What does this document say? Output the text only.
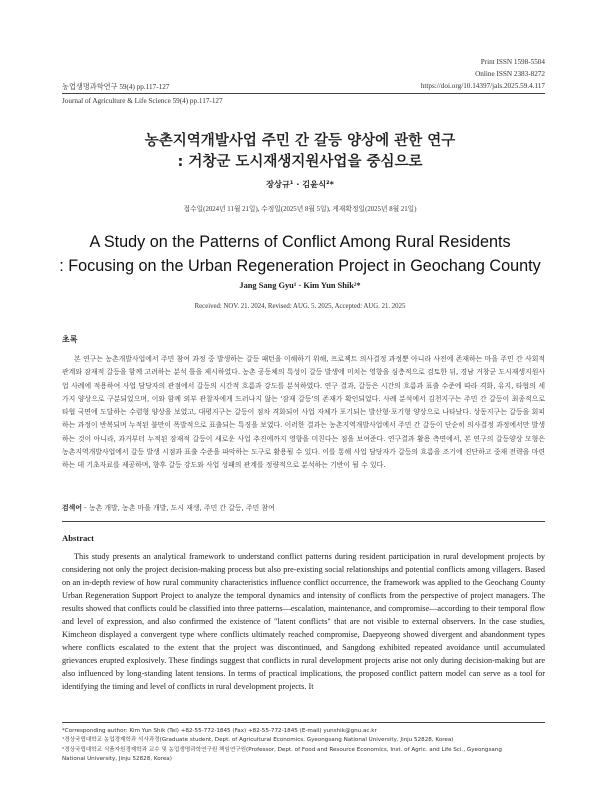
Print ISSN 1598-5504
Online ISSN 2383-8272
농업생명과학연구 59(4) pp.117-127	https://doi.org/10.14397/jals.2025.59.4.117
Journal of Agriculture & Life Science 59(4) pp.117-127
농촌지역개발사업 주민 간 갈등 양상에 관한 연구
: 거창군 도시재생지원사업을 중심으로
장상규¹ · 김윤식²*
접수일(2024년 11월 21일), 수정일(2025년 8월 5일), 게재확정일(2025년 8월 21일)
A Study on the Patterns of Conflict Among Rural Residents
: Focusing on the Urban Regeneration Project in Geochang County
Jang Sang Gyu¹ · Kim Yun Shik²*
Received: NOV. 21. 2024, Revised: AUG. 5. 2025, Accepted: AUG. 21. 2025
초록
본 연구는 농촌개발사업에서 주민 참여 과정 중 발생하는 갈등 패턴을 이해하기 위해, 프로젝트 의사결정 과정뿐 아니라 사전에 존재하는 마을 주민 간 사회적 관계와 잠재적 갈등을 함께 고려하는 분석 틀을 제시하였다. 농촌 공동체의 특성이 갈등 발생에 미치는 영향을 심층적으로 검토한 뒤, 경남 거창군 도시재생지원사업 사례에 적용하여 사업 담당자의 관점에서 갈등의 시간적 흐름과 강도를 분석하였다. 연구 결과, 갈등은 시간의 흐름과 표출 수준에 따라 격화, 유지, 타협의 세 가지 양상으로 구분되었으며, 이와 함께 외부 관찰자에게 드러나지 않는 '잠재 갈등'의 존재가 확인되었다. 사례 분석에서 김천지구는 주민 간 갈등이 최종적으로 타협 국면에 도달하는 수렴형 양상을 보였고, 대평지구는 갈등이 점차 격화되어 사업 자체가 포기되는 발산형·포기형 양상으로 나타났다. 상동지구는 갈등을 회피하는 과정이 반복되며 누적된 불만이 폭발적으로 표출되는 특징을 보였다. 이러한 결과는 농촌지역개발사업에서 주민 간 갈등이 단순히 의사결정 과정에서만 발생하는 것이 아니라, 과거부터 누적된 잠재적 갈등이 새로운 사업 추진에까지 영향을 미친다는 점을 보여준다. 연구결과 활용 측면에서, 본 연구의 갈등양상 모형은 농촌지역개발사업에서 갈등 발생 시점과 표출 수준을 파악하는 도구로 활용될 수 있다. 이를 통해 사업 담당자가 갈등의 흐름을 조기에 진단하고 중재 전략을 마련하는 데 기초자료를 제공하며, 향후 갈등 강도와 사업 성패의 관계를 정량적으로 분석하는 기반이 될 수 있다.
검색어 - 농촌 개발, 농촌 마을 개발, 도시 재생, 주민 간 갈등, 주민 참여
Abstract
This study presents an analytical framework to understand conflict patterns during resident participation in rural development projects by considering not only the project decision-making process but also pre-existing social relationships and potential conflicts among villagers. Based on an in-depth review of how rural community characteristics influence conflict occurrence, the framework was applied to the Geochang County Urban Regeneration Support Project to analyze the temporal dynamics and intensity of conflicts from the perspective of project managers. The results showed that conflicts could be classified into three patterns—escalation, maintenance, and compromise—according to their temporal flow and level of expression, and also confirmed the existence of "latent conflicts" that are not visible to external observers. In the case studies, Kimcheon displayed a convergent type where conflicts ultimately reached compromise, Daepyeong showed divergent and abandonment types where conflicts escalated to the extent that the project was discontinued, and Sangdong exhibited repeated avoidance until accumulated grievances erupted explosively. These findings suggest that conflicts in rural development projects arise not only during decision-making but are also influenced by long-standing latent tensions. In terms of practical implications, the proposed conflict pattern model can serve as a tool for identifying the timing and level of conflicts in rural development projects. It
*Corresponding author: Kim Yun Shik (Tel) +82-55-772-1845 (Fax) +82-55-772-1845 (E-mail) yunshik@gnu.ac.kr
¹경상국립대학교 농업경제학과 석사과정(Graduate student, Dept. of Agricultural Economics, Gyeongsang National University, Jinju 52828, Korea)
²경상국립대학교 식품자원경제학과 교수 및 농업생명과학연구원 책임연구원(Professor, Dept. of Food and Resource Economics, Inst. of Agric. and Life Sci., Gyeongsang
National University, Jinju 52828, Korea)
